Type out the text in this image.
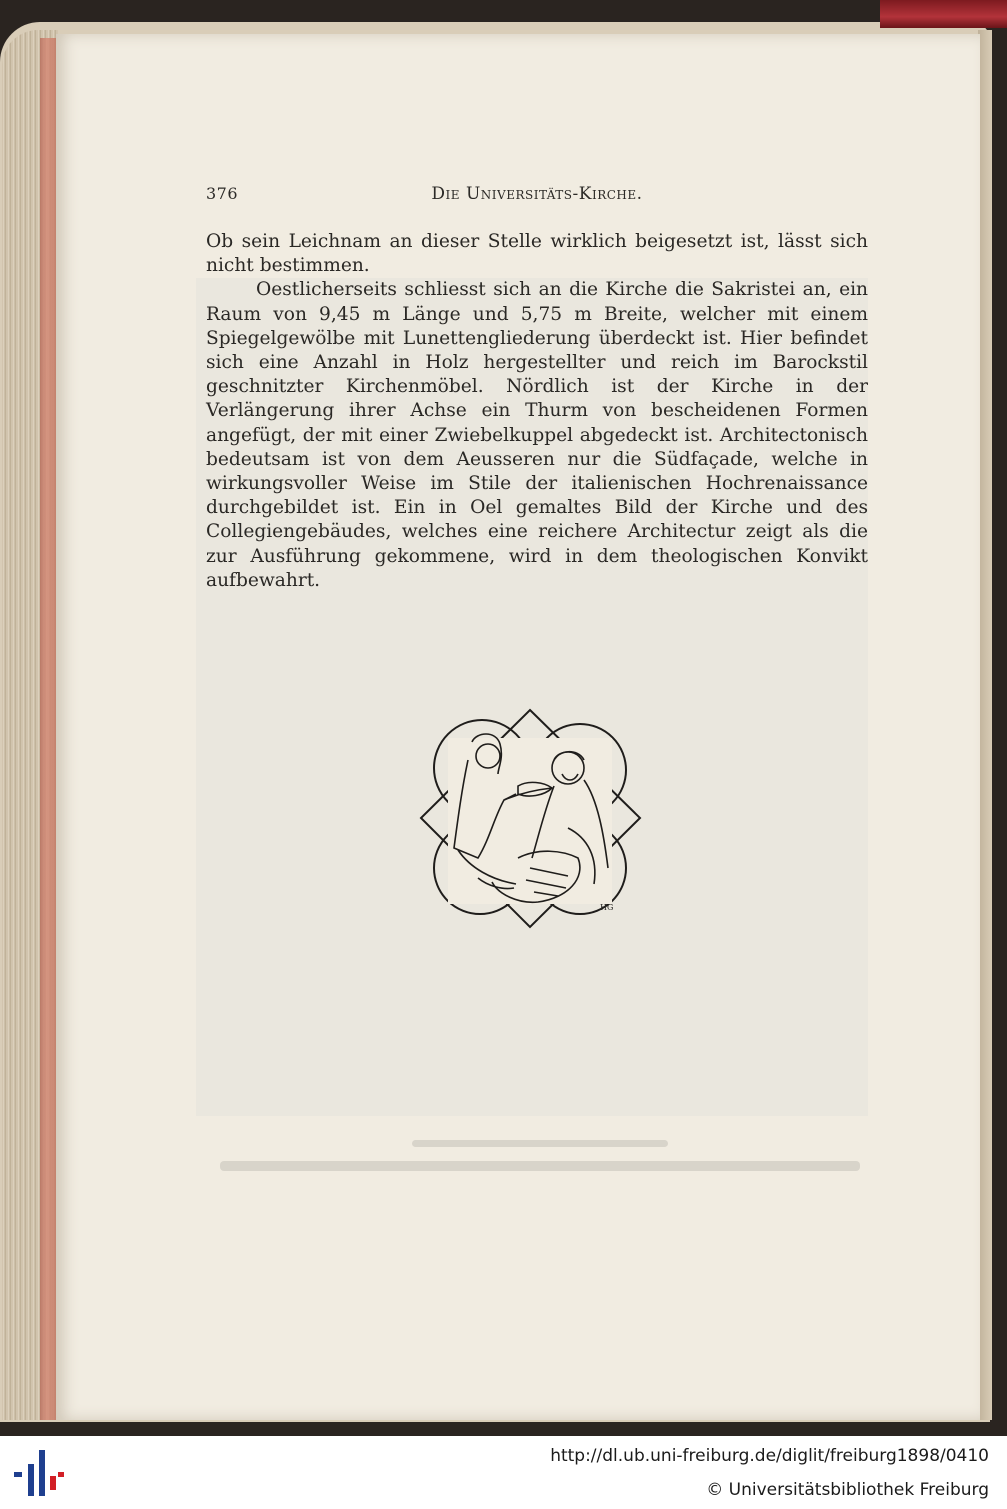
376	Die Universitäts-Kirche.

Ob sein Leichnam an dieser Stelle wirklich beigesetzt ist, lässt sich nicht bestimmen.

Oestlicherseits schliesst sich an die Kirche die Sakristei an, ein Raum von 9,45 m Länge und 5,75 m Breite, welcher mit einem Spiegelgewölbe mit Lunettengliederung überdeckt ist. Hier befindet sich eine Anzahl in Holz hergestellter und reich im Barockstil geschnitzter Kirchenmöbel. Nördlich ist der Kirche in der Verlängerung ihrer Achse ein Thurm von bescheidenen Formen angefügt, der mit einer Zwiebelkuppel abgedeckt ist. Architectonisch bedeutsam ist von dem Aeusseren nur die Südfaçade, welche in wirkungsvoller Weise im Stile der italienischen Hochrenaissance durchgebildet ist. Ein in Oel gemaltes Bild der Kirche und des Collegiengebäudes, welches eine reichere Architectur zeigt als die zur Ausführung gekommene, wird in dem theologischen Konvikt aufbewahrt.

HG
http://dl.ub.uni-freiburg.de/diglit/freiburg1898/0410
© Universitätsbibliothek Freiburg
